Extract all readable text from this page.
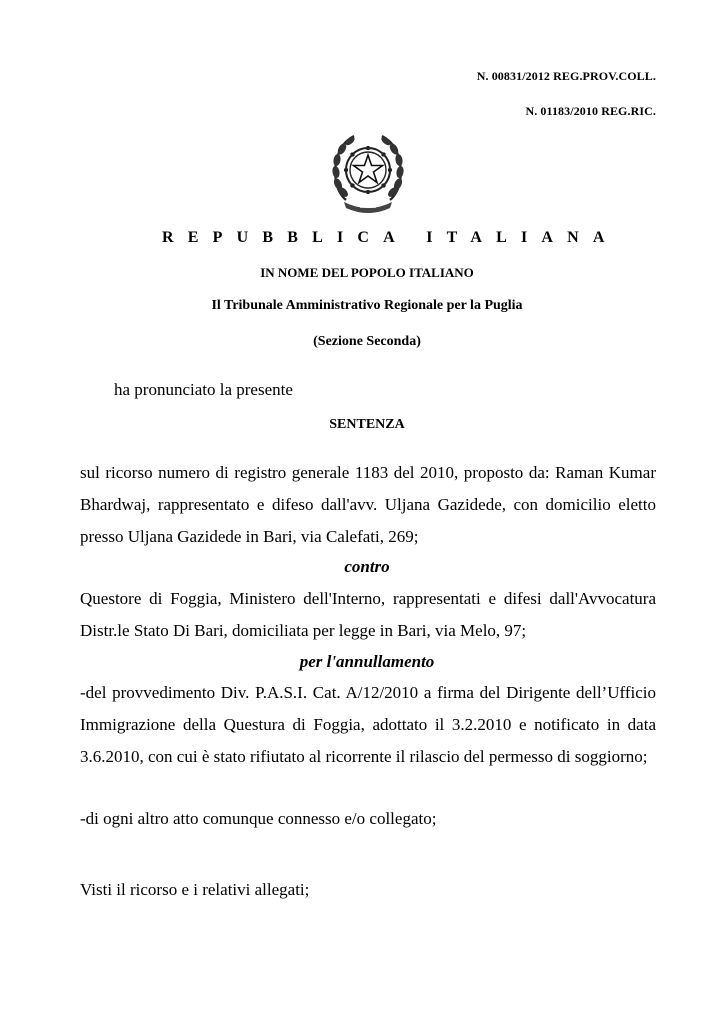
N. 00831/2012 REG.PROV.COLL.
N. 01183/2010 REG.RIC.
REPUBBLICA ITALIANA
IN NOME DEL POPOLO ITALIANO
Il Tribunale Amministrativo Regionale per la Puglia
(Sezione Seconda)
ha pronunciato la presente
SENTENZA
sul ricorso numero di registro generale 1183 del 2010, proposto da: Raman Kumar Bhardwaj, rappresentato e difeso dall'avv. Uljana Gazidede, con domicilio eletto presso Uljana Gazidede in Bari, via Calefati, 269;
contro
Questore di Foggia, Ministero dell'Interno, rappresentati e difesi dall'Avvocatura Distr.le Stato Di Bari, domiciliata per legge in Bari, via Melo, 97;
per l'annullamento
-del provvedimento Div. P.A.S.I. Cat. A/12/2010 a firma del Dirigente dell’Ufficio Immigrazione della Questura di Foggia, adottato il 3.2.2010 e notificato in data 3.6.2010, con cui è stato rifiutato al ricorrente il rilascio del permesso di soggiorno;
-di ogni altro atto comunque connesso e/o collegato;
Visti il ricorso e i relativi allegati;
